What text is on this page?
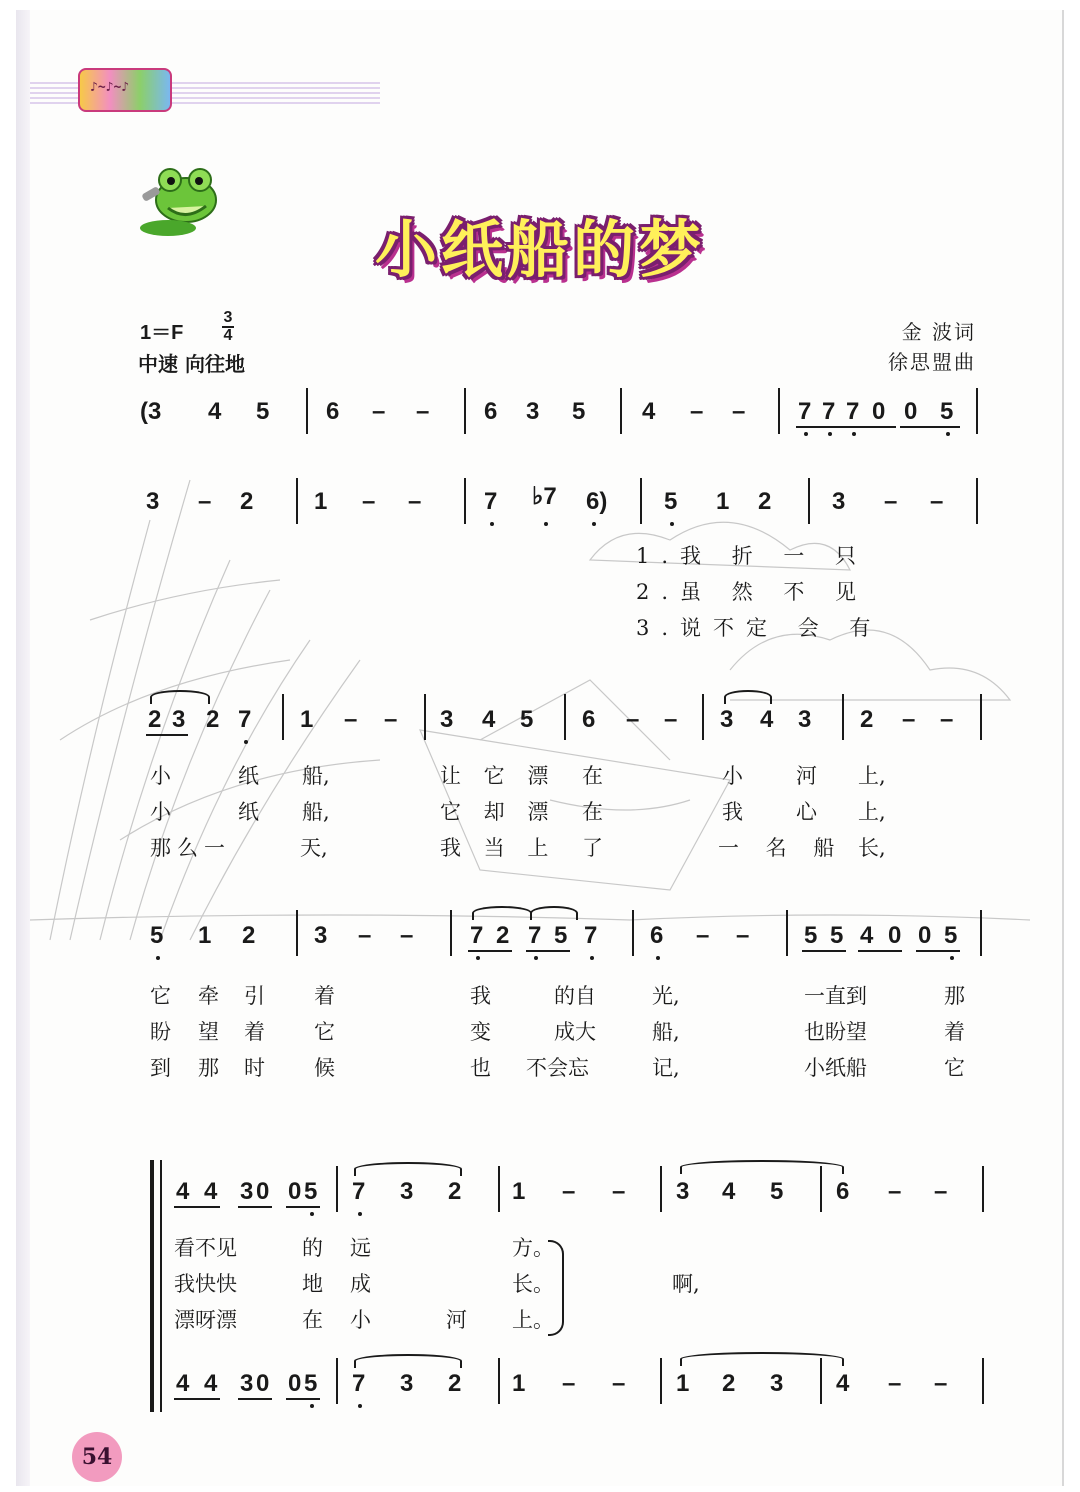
♪~♪~♪
小纸船的梦
1＝F
3
4
中速 向往地
金 波词
徐思盟曲
(3 4 5 6 – – 6 3 5 4 – – 7 7 7 0 0 5
3 – 2	1 – –	7 ♭7 6) 5 1 2	3 – –
1.我 折 一 只
2.虽 然 不 见
3.说不定 会 有
2 3 2 7 1 – – 3 4 5 6 – – 3 4 3 2 – –
小	纸 船,	让 它 漂 在	小	河 上,
小	纸 船,	它 却 漂 在	我	心 上,
那么一	天,	我 当 上 了	一 名 船 长,
5 1 2 3 – – 7 2 7 5 7 6 – – 5 5 4 0 0 5
它 牵 引 着	我	的自	光,	一直到	那
盼 望 着 它	变	成大	船,	也盼望	着
到 那 时 候	也 不会忘	记,	小纸船	它
4 4 3 0 0 5 7 3 2 1 – – 3 4 5 6 – –
看不见	的 远	方。
我快快	地 成	长。
漂呀漂	在 小	河 上。
啊,
4 4 3 0 0 5 7 3 2 1 – – 1 2 3 4 – –
54
